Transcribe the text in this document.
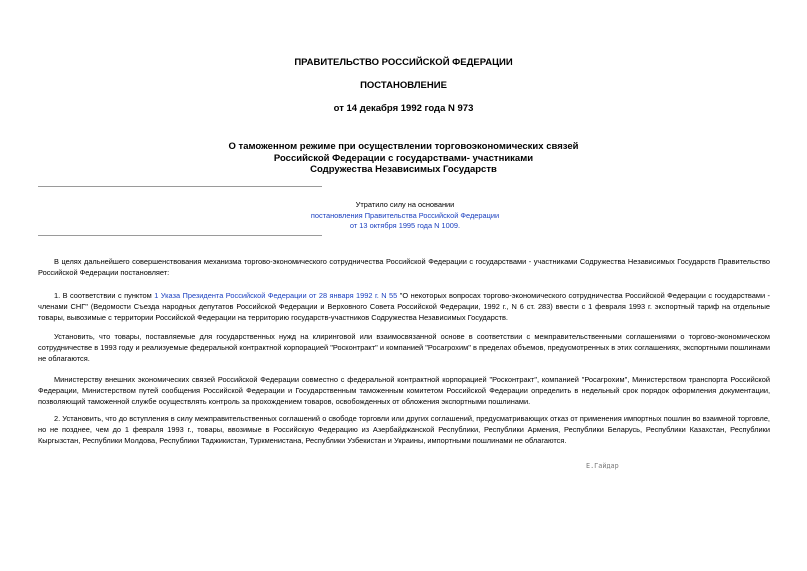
ПРАВИТЕЛЬСТВО РОССИЙСКОЙ ФЕДЕРАЦИИ
ПОСТАНОВЛЕНИЕ
от 14 декабря 1992 года N 973
О таможенном режиме при осуществлении торговоэкономических связей
Российской Федерации с государствами- участниками
Содружества Независимых Государств
Утратило силу на основании
постановления Правительства Российской Федерации
от 13 октября 1995 года N 1009.

В целях дальнейшего совершенствования механизма торгово-экономического сотрудничества Российской Федерации с государствами - участниками Содружества Независимых Государств Правительство Российской Федерации постановляет:

1. В соответствии с пунктом 1 Указа Президента Российской Федерации от 28 января 1992 г. N 55 "О некоторых вопросах торгово-экономического сотрудничества Российской Федерации с государствами - членами СНГ" (Ведомости Съезда народных депутатов Российской Федерации и Верховного Совета Российской Федерации, 1992 г., N 6 ст. 283) ввести с 1 февраля 1993 г. экспортный тариф на отдельные товары, вывозимые с территории Российской Федерации на территорию государств-участников Содружества Независимых Государств.

Установить, что товары, поставляемые для государственных нужд на клиринговой или взаимосвязанной основе в соответствии с межправительственными соглашениями о торгово-экономическом сотрудничестве в 1993 году и реализуемые федеральной контрактной корпорацией "Росконтракт" и компанией "Росагрохим" в пределах объемов, предусмотренных в этих соглашениях, экспортными пошлинами не облагаются.

Министерству внешних экономических связей Российской Федерации совместно с федеральной контрактной корпорацией "Росконтракт", компанией "Росагрохим", Министерством транспорта Российской Федерации, Министерством путей сообщения Российской Федерации и Государственным таможенным комитетом Российской Федерации определить в недельный срок порядок оформления документации, позволяющий таможенной службе осуществлять контроль за прохождением товаров, освобожденных от обложения экспортными пошлинами.

2. Установить, что до вступления в силу межправительственных соглашений о свободе торговли или других соглашений, предусматривающих отказ от применения импортных пошлин во взаимной торговле, но не позднее, чем до 1 февраля 1993 г., товары, ввозимые в Российскую Федерацию из Азербайджанской Республики, Республики Армения, Республики Беларусь, Республики Казахстан, Республики Кыргызстан, Республики Молдова, Республики Таджикистан, Туркменистана, Республики Узбекистан и Украины, импортными пошлинами не облагаются.

Е.Гайдар
